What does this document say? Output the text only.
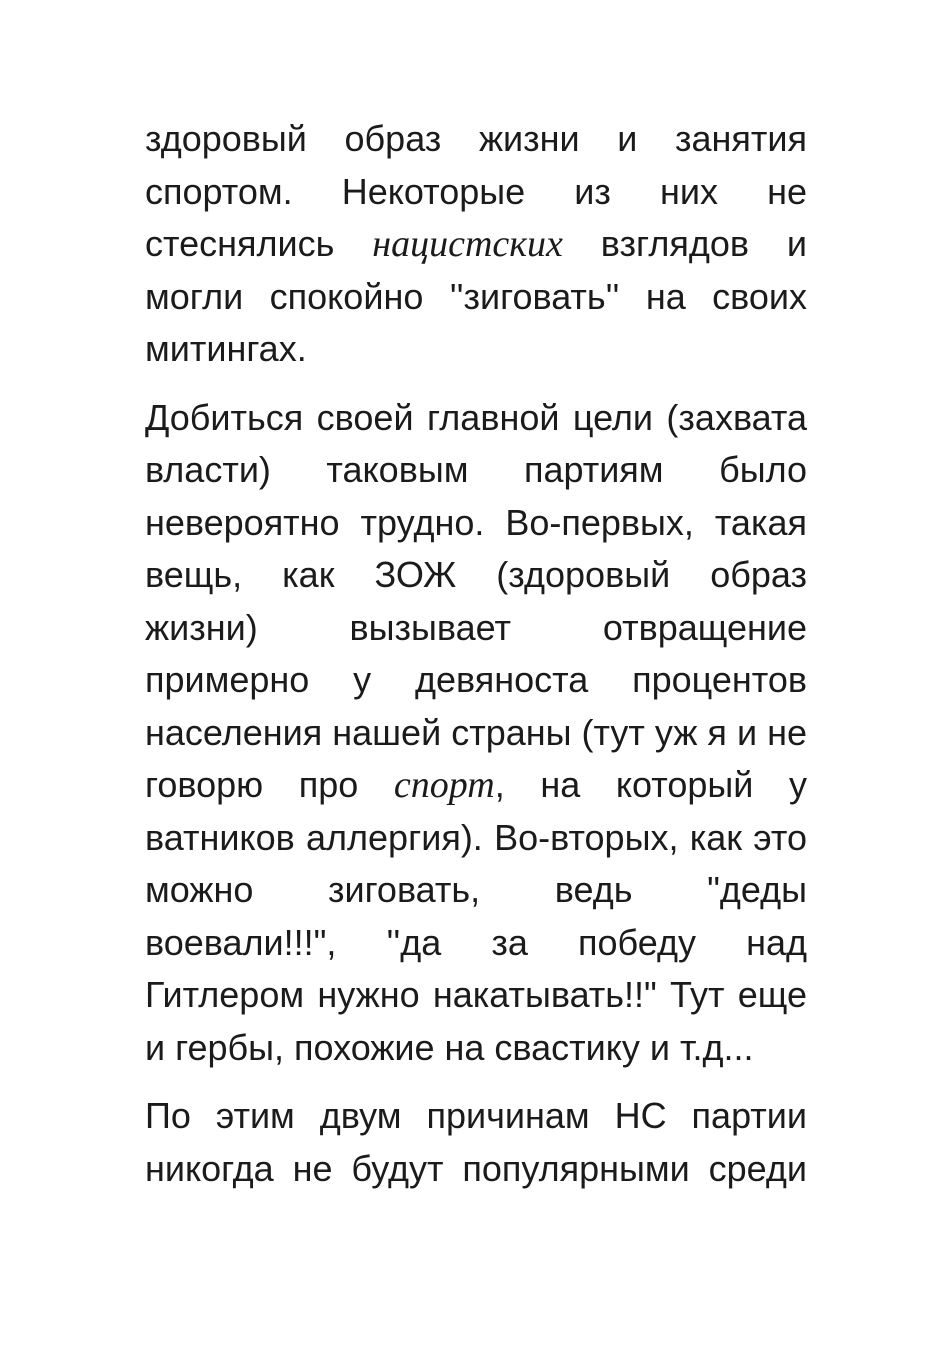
здоровый образ жизни и занятия спортом. Некоторые из них не стеснялись нацистских взглядов и могли спокойно ''зиговать'' на своих митингах.

Добиться своей главной цели (захвата власти) таковым партиям было невероятно трудно. Во-первых, такая вещь, как ЗОЖ (здоровый образ жизни) вызывает отвращение примерно у девяноста процентов населения нашей страны (тут уж я и не говорю про спорт, на который у ватников аллергия). Во-вторых, как это можно зиговать, ведь "деды воевали!!!", ''да за победу над Гитлером нужно накатывать!!" Тут еще и гербы, похожие на свастику и т.д...

По этим двум причинам НС партии никогда не будут популярными среди
